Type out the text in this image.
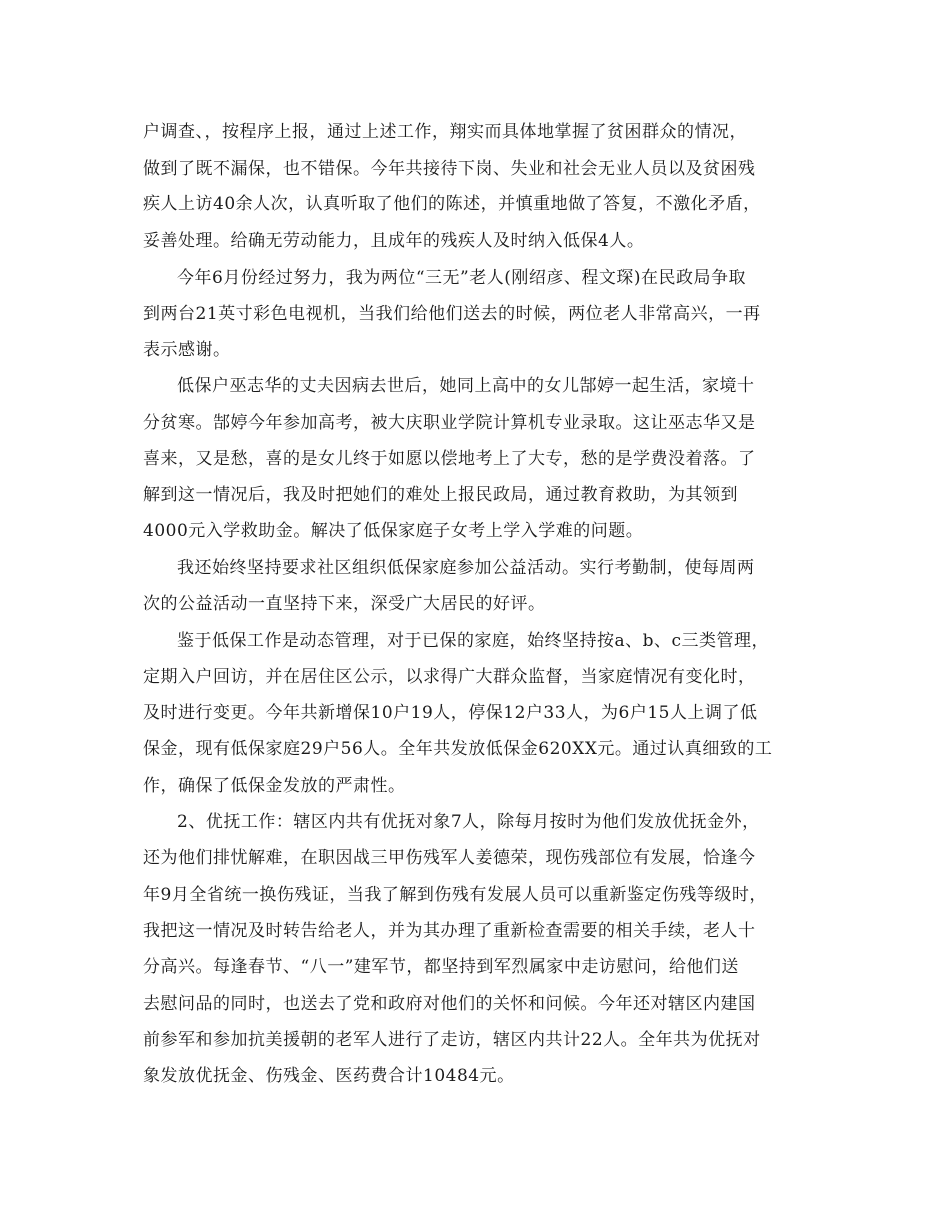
户调查、，按程序上报，通过上述工作，翔实而具体地掌握了贫困群众的情况，

做到了既不漏保，也不错保。今年共接待下岗、失业和社会无业人员以及贫困残

疾人上访40余人次，认真听取了他们的陈述，并慎重地做了答复，不激化矛盾，

妥善处理。给确无劳动能力，且成年的残疾人及时纳入低保4人。

今年6月份经过努力，我为两位“三无”老人(刚绍彦、程文琛)在民政局争取

到两台21英寸彩色电视机，当我们给他们送去的时候，两位老人非常高兴，一再

表示感谢。

低保户巫志华的丈夫因病去世后，她同上高中的女儿郜婷一起生活，家境十

分贫寒。郜婷今年参加高考，被大庆职业学院计算机专业录取。这让巫志华又是

喜来，又是愁，喜的是女儿终于如愿以偿地考上了大专，愁的是学费没着落。了

解到这一情况后，我及时把她们的难处上报民政局，通过教育救助，为其领到

4000元入学救助金。解决了低保家庭子女考上学入学难的问题。

我还始终坚持要求社区组织低保家庭参加公益活动。实行考勤制，使每周两

次的公益活动一直坚持下来，深受广大居民的好评。

鉴于低保工作是动态管理，对于已保的家庭，始终坚持按a、b、c三类管理，

定期入户回访，并在居住区公示，以求得广大群众监督，当家庭情况有变化时，

及时进行变更。今年共新增保10户19人，停保12户33人，为6户15人上调了低

保金，现有低保家庭29户56人。全年共发放低保金620XX元。通过认真细致的工

作，确保了低保金发放的严肃性。

2、优抚工作：辖区内共有优抚对象7人，除每月按时为他们发放优抚金外，

还为他们排忧解难，在职因战三甲伤残军人姜德荣，现伤残部位有发展，恰逢今

年9月全省统一换伤残证，当我了解到伤残有发展人员可以重新鉴定伤残等级时，

我把这一情况及时转告给老人，并为其办理了重新检查需要的相关手续，老人十

分高兴。每逢春节、“八一”建军节，都坚持到军烈属家中走访慰问，给他们送

去慰问品的同时，也送去了党和政府对他们的关怀和问候。今年还对辖区内建国

前参军和参加抗美援朝的老军人进行了走访，辖区内共计22人。全年共为优抚对

象发放优抚金、伤残金、医药费合计10484元。
